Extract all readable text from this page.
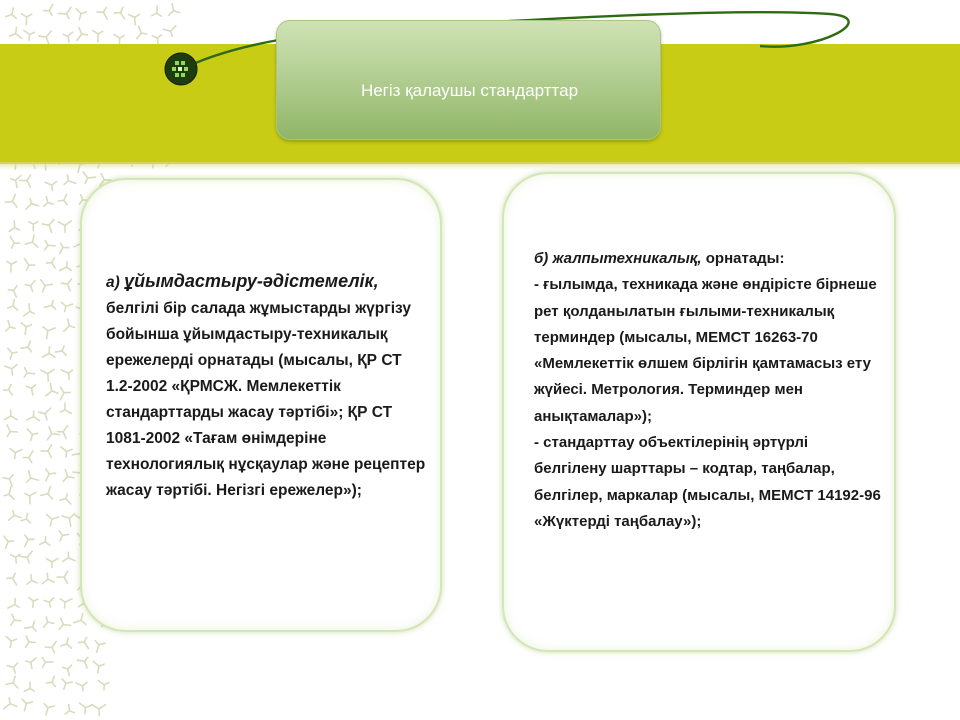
Негіз қалаушы стандарттар
а) ұйымдастыру-әдістемелік, белгілі бір салада жұмыстарды жүргізу бойынша ұйымдастыру-техникалық ережелерді орнатады (мысалы, ҚР СТ 1.2-2002 «ҚРМСЖ. Мемлекеттік стандарттарды жасау тәртібі»; ҚР СТ 1081-2002 «Тағам өнімдеріне технологиялық нұсқаулар және рецептер жасау тәртібі. Негізгі ережелер»);
б) жалпытехникалық, орнатады:
- ғылымда, техникада және өндірісте бірнеше рет қолданылатын ғылыми-техникалық терминдер (мысалы, МЕМСТ 16263-70 «Мемлекеттік өлшем бірлігін қамтамасыз ету жүйесі. Метрология. Терминдер мен анықтамалар»);
- стандарттау объектілерінің әртүрлі белгілену шарттары – кодтар, таңбалар, белгілер, маркалар (мысалы, МЕМСТ 14192-96 «Жүктерді таңбалау»);
